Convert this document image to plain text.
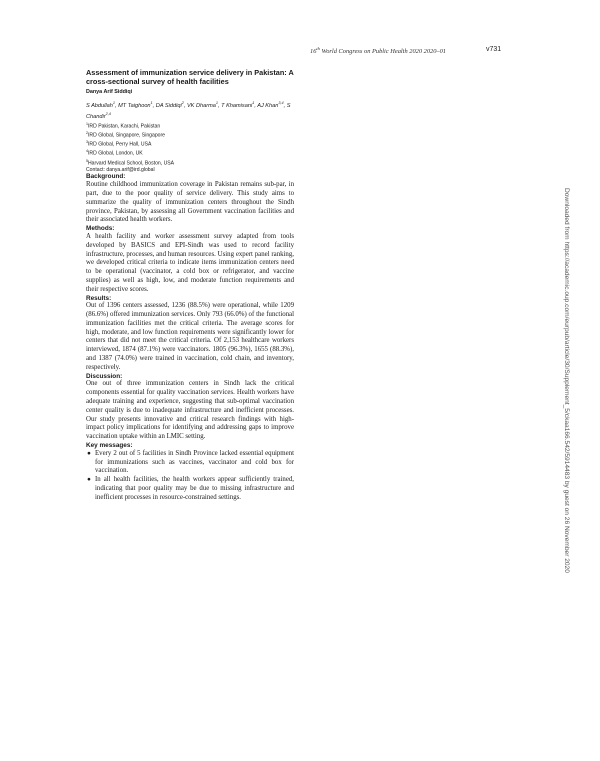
16th World Congress on Public Health 2020 2020–01	v731

Assessment of immunization service delivery in Pakistan: A cross-sectional survey of health facilities

Danya Arif Siddiqi
S Abdullah$^1$, MT Taighoon$^1$, DA Siddiqi$^2$, VK Dharma$^1$, T Khamisani$^1$, AJ Khan$^{3,4}$, S Chandir$^{2,4}$
$^1$IRD Pakistan, Karachi, Pakistan
$^2$IRD Global, Singapore, Singapore
$^3$IRD Global, Perry Hall, USA
$^4$IRD Global, London, UK
$^5$Harvard Medical School, Boston, USA
Contact: danya.arif@ird.global
Background:

Routine childhood immunization coverage in Pakistan remains sub-par, in part, due to the poor quality of service delivery. This study aims to summarize the quality of immunization centers throughout the Sindh province, Pakistan, by assessing all Government vaccination facilities and their associated health workers.

Methods:

A health facility and worker assessment survey adapted from tools developed by BASICS and EPI-Sindh was used to record facility infrastructure, processes, and human resources. Using expert panel ranking, we developed critical criteria to indicate items immunization centers need to be operational (vaccinator, a cold box or refrigerator, and vaccine supplies) as well as high, low, and moderate function requirements and their respective scores.

Results:

Out of 1396 centers assessed, 1236 (88.5%) were operational, while 1209 (86.6%) offered immunization services. Only 793 (66.0%) of the functional immunization facilities met the critical criteria. The average scores for high, moderate, and low function requirements were significantly lower for centers that did not meet the critical criteria. Of 2,153 healthcare workers interviewed, 1874 (87.1%) were vaccinators. 1805 (96.3%), 1655 (88.3%), and 1387 (74.0%) were trained in vaccination, cold chain, and inventory, respectively.

Discussion:

One out of three immunization centers in Sindh lack the critical components essential for quality vaccination services. Health workers have adequate training and experience, suggesting that sub-optimal vaccination center quality is due to inadequate infrastructure and inefficient processes. Our study presents innovative and critical research findings with high-impact policy implications for identifying and addressing gaps to improve vaccination uptake within an LMIC setting.

Key messages:
● Every 2 out of 5 facilities in Sindh Province lacked essential equipment for immunizations such as vaccines, vaccinator and cold box for vaccination.
● In all health facilities, the health workers appear sufficiently trained, indicating that poor quality may be due to missing infrastructure and inefficient processes in resource-constrained settings.	Downloaded from https://academic.oup.com/eurpub/article/30/Supplement_5/ckaa166.542/5914483 by guest on 26 November 2020
